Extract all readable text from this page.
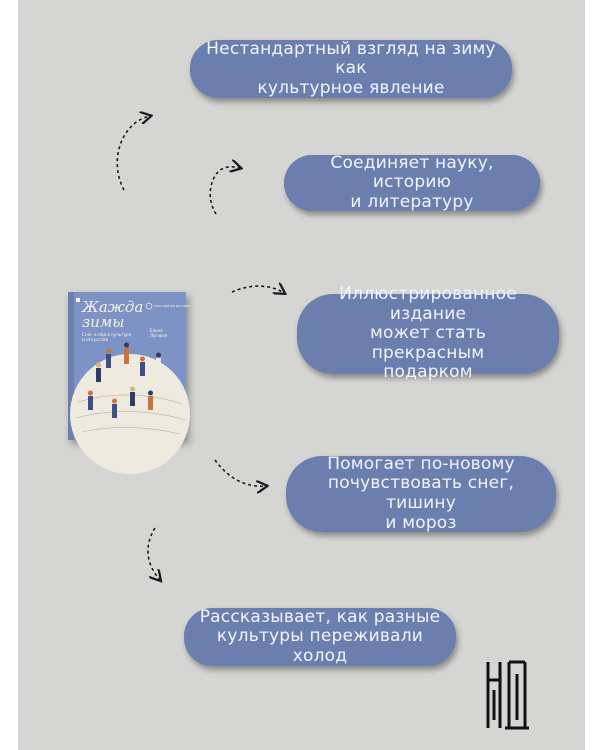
Нестандартный взгляд на зиму как
культурное явление
Соединяет науку, историю
и литературу
Иллюстрированное издание
может стать прекрасным
подарком
Помогает по-новому
почувствовать снег, тишину
и мороз
Рассказывает, как разные
культуры переживали холод
Жажда
зимы
Снег и лёд в культуре
и искусстве
культурная история
Елена
Луговая
